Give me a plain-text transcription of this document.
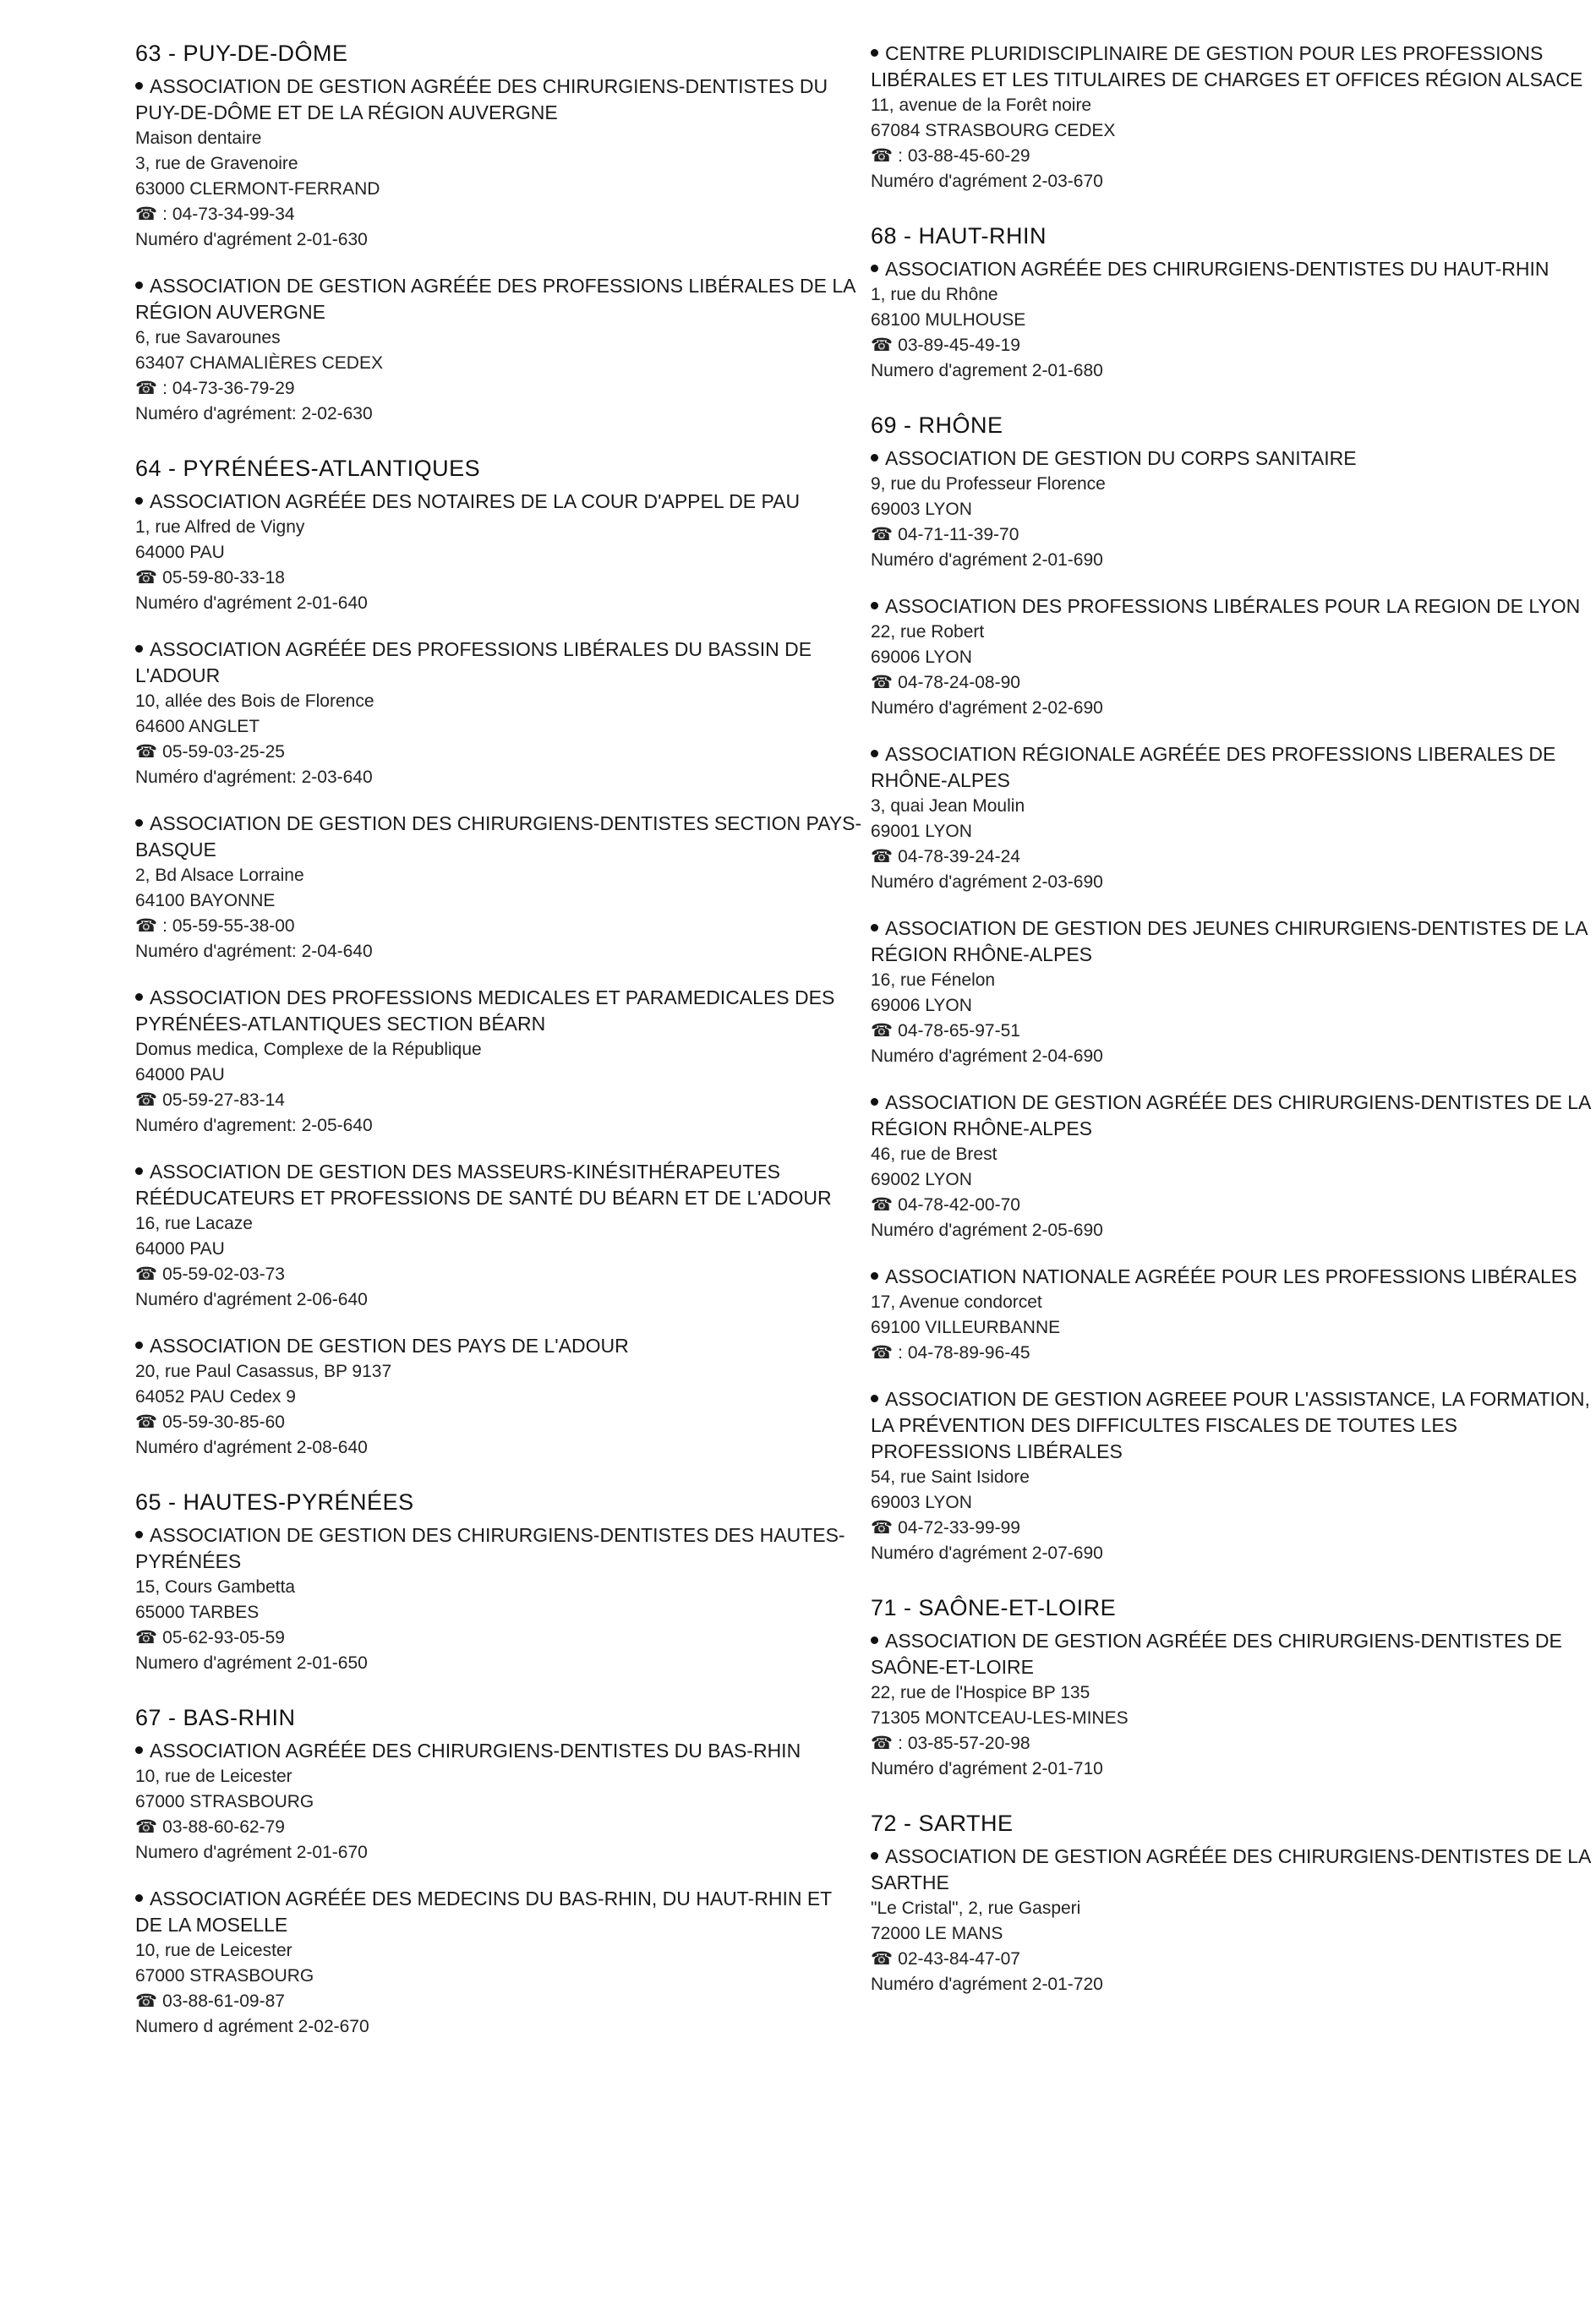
63 - PUY-DE-DÔME
ASSOCIATION DE GESTION AGRÉÉE DES CHIRURGIENS-DENTISTES DU PUY-DE-DÔME ET DE LA RÉGION AUVERGNE
Maison dentaire
3, rue de Gravenoire
63000 CLERMONT-FERRAND
☎ : 04-73-34-99-34
Numéro d'agrément 2-01-630
ASSOCIATION DE GESTION AGRÉÉE DES PROFESSIONS LIBÉRALES DE LA RÉGION AUVERGNE
6, rue Savarounes
63407 CHAMALIÈRES CEDEX
☎ : 04-73-36-79-29
Numéro d'agrément: 2-02-630
64 - PYRÉNÉES-ATLANTIQUES
ASSOCIATION AGRÉÉE DES NOTAIRES DE LA COUR D'APPEL DE PAU
1, rue Alfred de Vigny
64000 PAU
☎ 05-59-80-33-18
Numéro d'agrément 2-01-640
ASSOCIATION AGRÉÉE DES PROFESSIONS LIBÉRALES DU BASSIN DE L'ADOUR
10, allée des Bois de Florence
64600 ANGLET
☎ 05-59-03-25-25
Numéro d'agrément: 2-03-640
ASSOCIATION DE GESTION DES CHIRURGIENS-DENTISTES SECTION PAYS-BASQUE
2, Bd Alsace Lorraine
64100 BAYONNE
☎ : 05-59-55-38-00
Numéro d'agrément: 2-04-640
ASSOCIATION DES PROFESSIONS MEDICALES ET PARAMEDICALES DES PYRÉNÉES-ATLANTIQUES SECTION BÉARN
Domus medica, Complexe de la République
64000 PAU
☎ 05-59-27-83-14
Numéro d'agrement: 2-05-640
ASSOCIATION DE GESTION DES MASSEURS-KINÉSITHÉRAPEUTES RÉÉDUCATEURS ET PROFESSIONS DE SANTÉ DU BÉARN ET DE L'ADOUR
16, rue Lacaze
64000 PAU
☎ 05-59-02-03-73
Numéro d'agrément 2-06-640
ASSOCIATION DE GESTION DES PAYS DE L'ADOUR
20, rue Paul Casassus, BP 9137
64052 PAU Cedex 9
☎ 05-59-30-85-60
Numéro d'agrément 2-08-640
65 - HAUTES-PYRÉNÉES
ASSOCIATION DE GESTION DES CHIRURGIENS-DENTISTES DES HAUTES-PYRÉNÉES
15, Cours Gambetta
65000 TARBES
☎ 05-62-93-05-59
Numero d'agrément 2-01-650
67 - BAS-RHIN
ASSOCIATION AGRÉÉE DES CHIRURGIENS-DENTISTES DU BAS-RHIN
10, rue de Leicester
67000 STRASBOURG
☎ 03-88-60-62-79
Numero d'agrément 2-01-670
ASSOCIATION AGRÉÉE DES MEDECINS DU BAS-RHIN, DU HAUT-RHIN ET DE LA MOSELLE
10, rue de Leicester
67000 STRASBOURG
☎ 03-88-61-09-87
Numero d agrément 2-02-670
CENTRE PLURIDISCIPLINAIRE DE GESTION POUR LES PROFESSIONS LIBÉRALES ET LES TITULAIRES DE CHARGES ET OFFICES RÉGION ALSACE
11, avenue de la Forêt noire
67084 STRASBOURG CEDEX
☎ : 03-88-45-60-29
Numéro d'agrément 2-03-670
68 - HAUT-RHIN
ASSOCIATION AGRÉÉE DES CHIRURGIENS-DENTISTES DU HAUT-RHIN
1, rue du Rhône
68100 MULHOUSE
☎ 03-89-45-49-19
Numero d'agrement 2-01-680
69 - RHÔNE
ASSOCIATION DE GESTION DU CORPS SANITAIRE
9, rue du Professeur Florence
69003 LYON
☎ 04-71-11-39-70
Numéro d'agrément 2-01-690
ASSOCIATION DES PROFESSIONS LIBÉRALES POUR LA REGION DE LYON
22, rue Robert
69006 LYON
☎ 04-78-24-08-90
Numéro d'agrément 2-02-690
ASSOCIATION RÉGIONALE AGRÉÉE DES PROFESSIONS LIBERALES DE RHÔNE-ALPES
3, quai Jean Moulin
69001 LYON
☎ 04-78-39-24-24
Numéro d'agrément 2-03-690
ASSOCIATION DE GESTION DES JEUNES CHIRURGIENS-DENTISTES DE LA RÉGION RHÔNE-ALPES
16, rue Fénelon
69006 LYON
☎ 04-78-65-97-51
Numéro d'agrément 2-04-690
ASSOCIATION DE GESTION AGRÉÉE DES CHIRURGIENS-DENTISTES DE LA RÉGION RHÔNE-ALPES
46, rue de Brest
69002 LYON
☎ 04-78-42-00-70
Numéro d'agrément 2-05-690
ASSOCIATION NATIONALE AGRÉÉE POUR LES PROFESSIONS LIBÉRALES
17, Avenue condorcet
69100 VILLEURBANNE
☎ : 04-78-89-96-45
ASSOCIATION DE GESTION AGREEE POUR L'ASSISTANCE, LA FORMATION, LA PRÉVENTION DES DIFFICULTES FISCALES DE TOUTES LES PROFESSIONS LIBÉRALES
54, rue Saint Isidore
69003 LYON
☎ 04-72-33-99-99
Numéro d'agrément 2-07-690
71 - SAÔNE-ET-LOIRE
ASSOCIATION DE GESTION AGRÉÉE DES CHIRURGIENS-DENTISTES DE SAÔNE-ET-LOIRE
22, rue de l'Hospice BP 135
71305 MONTCEAU-LES-MINES
☎ : 03-85-57-20-98
Numéro d'agrément 2-01-710
72 - SARTHE
ASSOCIATION DE GESTION AGRÉÉE DES CHIRURGIENS-DENTISTES DE LA SARTHE
"Le Cristal", 2, rue Gasperi
72000 LE MANS
☎ 02-43-84-47-07
Numéro d'agrément 2-01-720
